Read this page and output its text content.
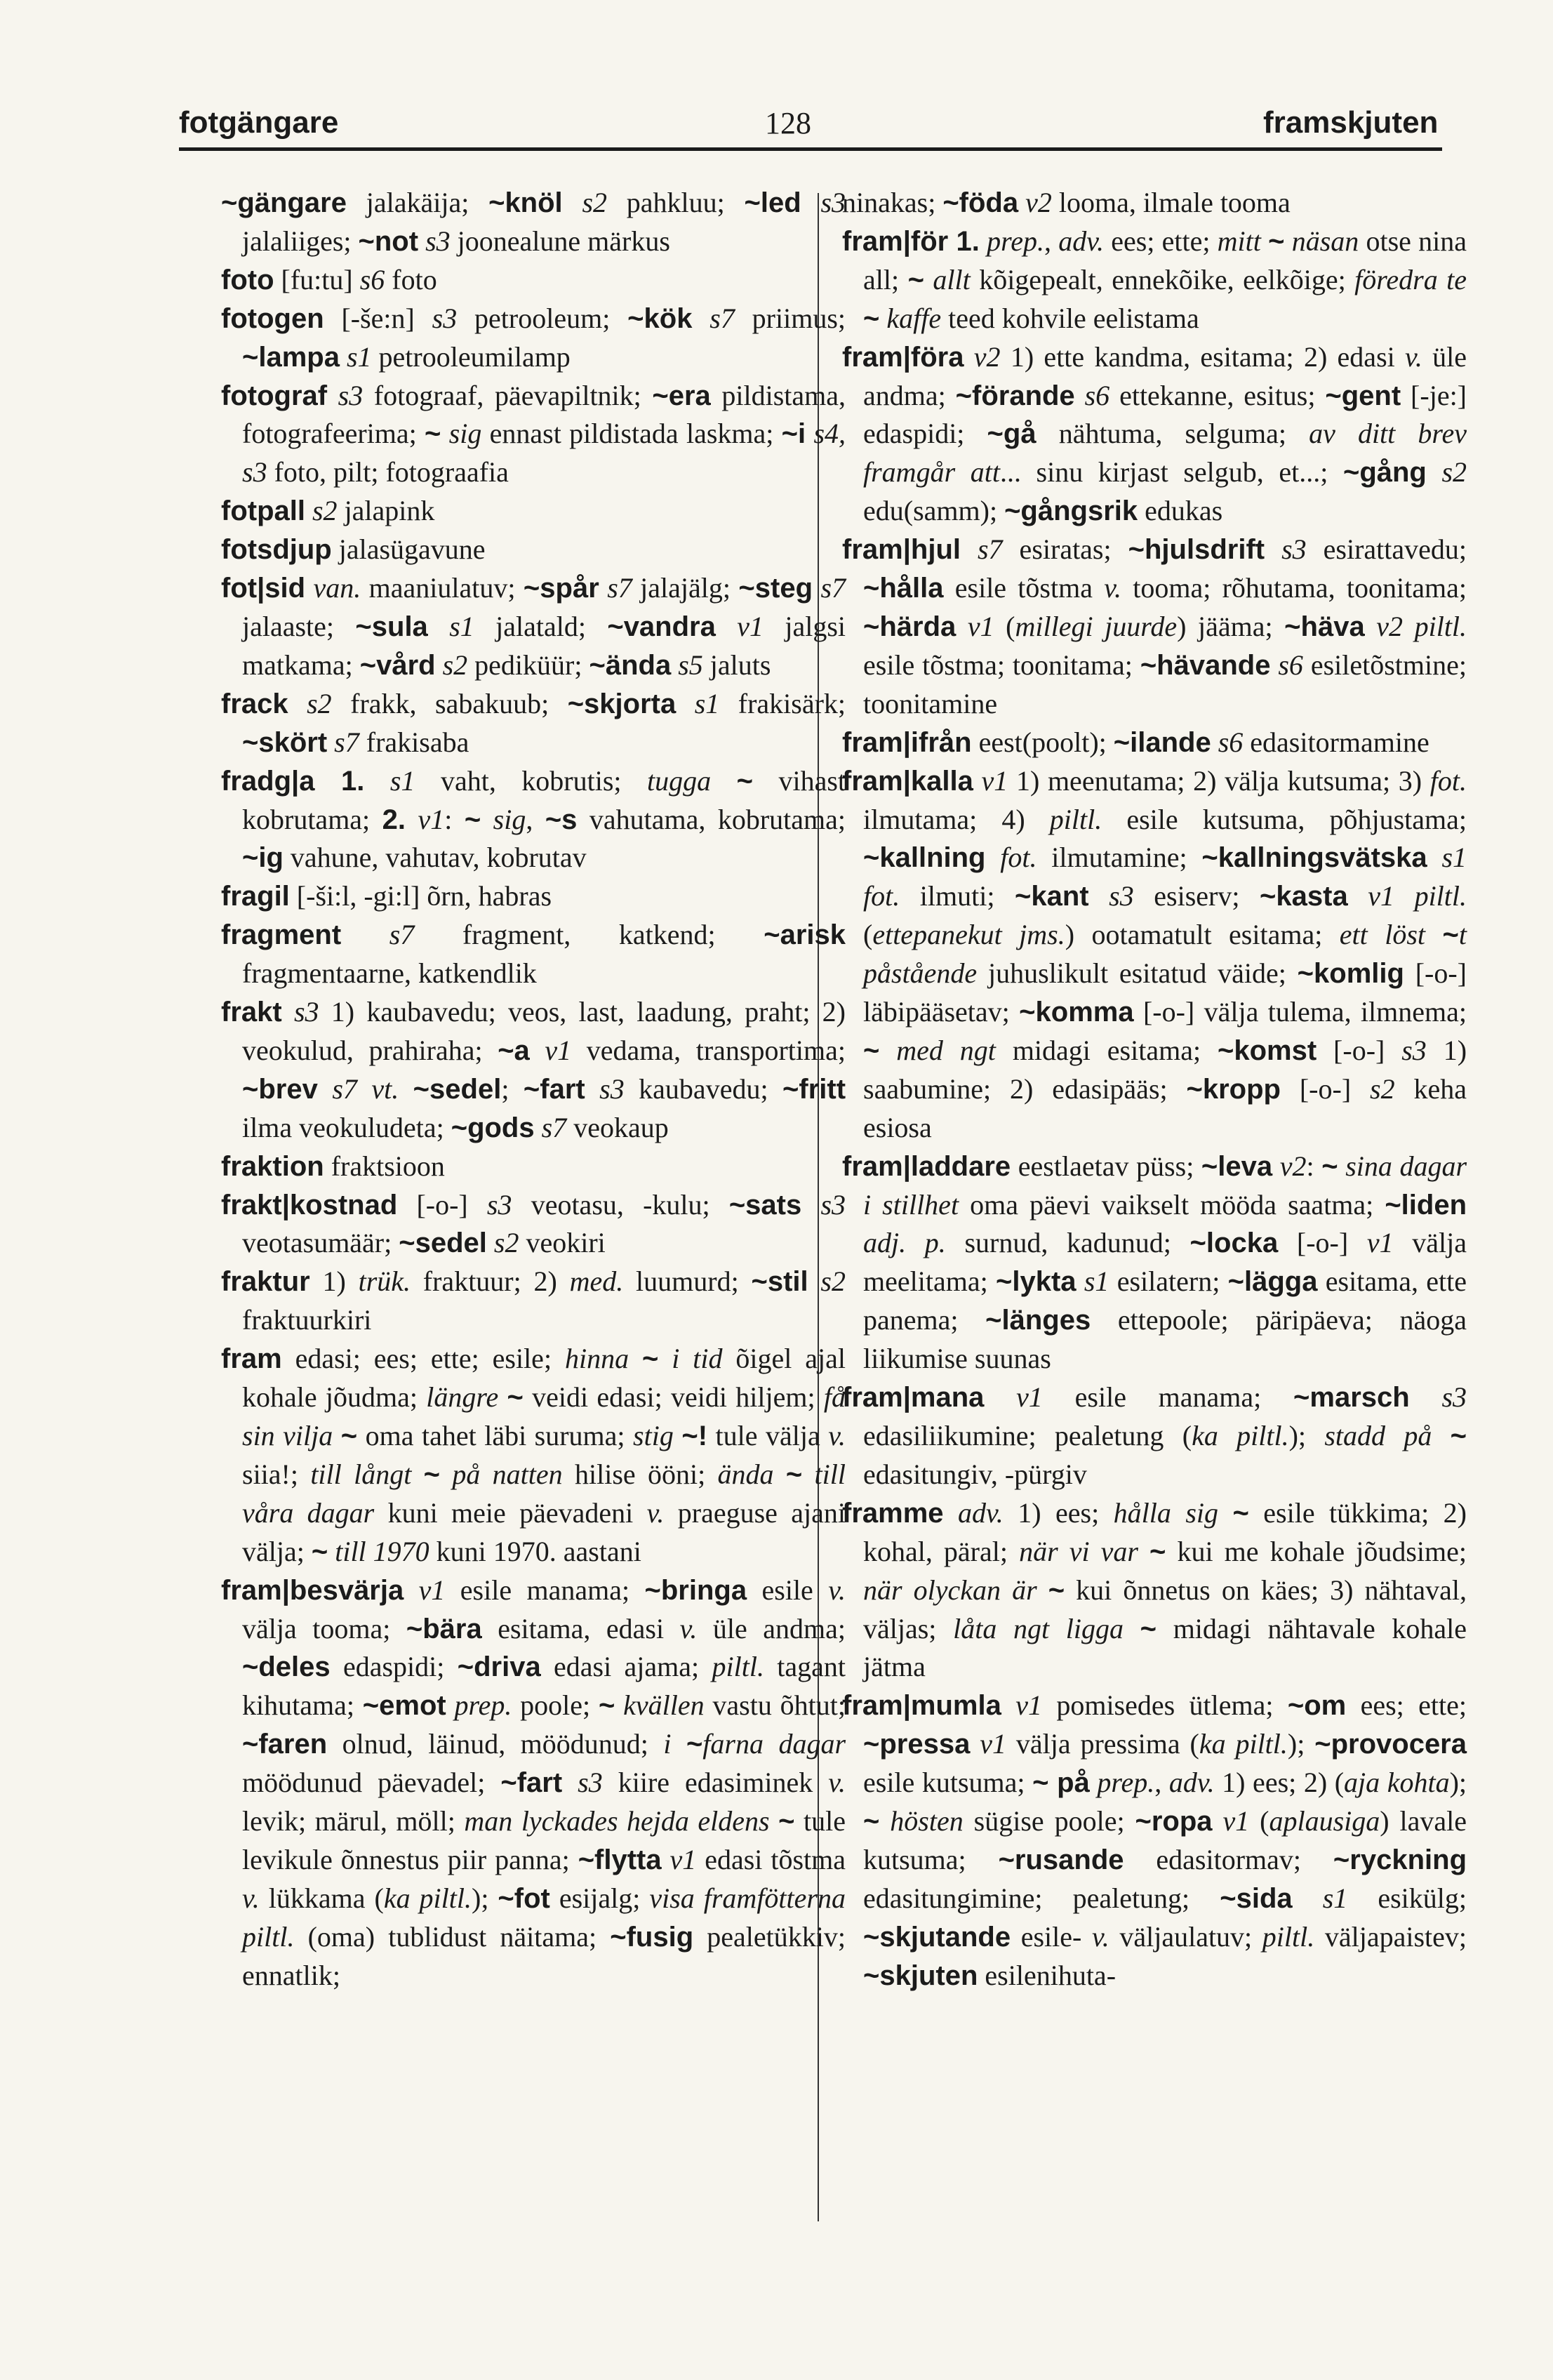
fotgängare	128	framskjuten
~gängare jalakäija; ~knöl s2 pahkluu; ~led s3 jalaliiges; ~not s3 joonealune märkus
foto [fu:tu] s6 foto
fotogen [-še:n] s3 petrooleum; ~kök s7 priimus; ~lampa s1 petrooleumilamp
fotograf s3 fotograaf, päevapiltnik; ~era pildistama, fotografeerima; ~ sig ennast pildistada laskma; ~i s4, s3 foto, pilt; fotograafia
fotpall s2 jalapink
fotsdjup jalasügavune
fot|sid van. maaniulatuv; ~spår s7 jalajälg; ~steg s7 jalaaste; ~sula s1 jalatald; ~vandra v1 jalgsi matkama; ~vård s2 pediküür; ~ända s5 jaluts
frack s2 frakk, sabakuub; ~skjorta s1 frakisärk; ~skört s7 frakisaba
fradg|a 1. s1 vaht, kobrutis; tugga ~ vihast kobrutama; 2. v1: ~ sig, ~s vahutama, kobrutama; ~ig vahune, vahutav, kobrutav
fragil [-ši:l, -gi:l] õrn, habras
fragment s7 fragment, katkend; ~arisk fragmentaarne, katkendlik
frakt s3 1) kaubavedu; veos, last, laadung, praht; 2) veokulud, prahiraha; ~a v1 vedama, transportima; ~brev s7 vt. ~sedel; ~fart s3 kaubavedu; ~fritt ilma veokuludeta; ~gods s7 veokaup
fraktion fraktsioon
frakt|kostnad [-o-] s3 veotasu, -kulu; ~sats s3 veotasumäär; ~sedel s2 veokiri
fraktur 1) trük. fraktuur; 2) med. luumurd; ~stil s2 fraktuurkiri
fram edasi; ees; ette; esile; hinna ~ i tid õigel ajal kohale jõudma; längre ~ veidi edasi; veidi hiljem; få sin vilja ~ oma tahet läbi suruma; stig ~! tule välja v. siia!; till långt ~ på natten hilise ööni; ända ~ till våra dagar kuni meie päevadeni v. praeguse ajani välja; ~ till 1970 kuni 1970. aastani
fram|besvärja v1 esile manama; ~bringa esile v. välja tooma; ~bära esitama, edasi v. üle andma; ~deles edaspidi; ~driva edasi ajama; piltl. tagant kihutama; ~emot prep. poole; ~ kvällen vastu õhtut; ~faren olnud, läinud, möödunud; i ~farna dagar möödunud päevadel; ~fart s3 kiire edasiminek v. levik; märul, möll; man lyckades hejda eldens ~ tule levikule õnnestus piir panna; ~flytta v1 edasi tõstma v. lükkama (ka piltl.); ~fot esijalg; visa framfötterna piltl. (oma) tublidust näitama; ~fusig pealetükkiv; ennatlik;
ninakas; ~föda v2 looma, ilmale tooma
fram|för 1. prep., adv. ees; ette; mitt ~ näsan otse nina all; ~ allt kõigepealt, ennekõike, eelkõige; föredra te ~ kaffe teed kohvile eelistama
fram|föra v2 1) ette kandma, esitama; 2) edasi v. üle andma; ~förande s6 ettekanne, esitus; ~gent [-je:] edaspidi; ~gå nähtuma, selguma; av ditt brev framgår att... sinu kirjast selgub, et...; ~gång s2 edu(samm); ~gångsrik edukas
fram|hjul s7 esiratas; ~hjulsdrift s3 esirattavedu; ~hålla esile tõstma v. tooma; rõhutama, toonitama; ~härda v1 (millegi juurde) jääma; ~häva v2 piltl. esile tõstma; toonitama; ~hävande s6 esiletõstmine; toonitamine
fram|ifrån eest(poolt); ~ilande s6 edasitormamine
fram|kalla v1 1) meenutama; 2) välja kutsuma; 3) fot. ilmutama; 4) piltl. esile kutsuma, põhjustama; ~kallning fot. ilmutamine; ~kallningsvätska s1 fot. ilmuti; ~kant s3 esiserv; ~kasta v1 piltl. (ettepanekut jms.) ootamatult esitama; ett löst ~t påstående juhuslikult esitatud väide; ~komlig [-o-] läbipääsetav; ~komma [-o-] välja tulema, ilmnema; ~ med ngt midagi esitama; ~komst [-o-] s3 1) saabumine; 2) edasipääs; ~kropp [-o-] s2 keha esiosa
fram|laddare eestlaetav püss; ~leva v2: ~ sina dagar i stillhet oma päevi vaikselt mööda saatma; ~liden adj. p. surnud, kadunud; ~locka [-o-] v1 välja meelitama; ~lykta s1 esilatern; ~lägga esitama, ette panema; ~länges ettepoole; päripäeva; näoga liikumise suunas
fram|mana v1 esile manama; ~marsch s3 edasiliikumine; pealetung (ka piltl.); stadd på ~ edasitungiv, -pürgiv
framme adv. 1) ees; hålla sig ~ esile tükkima; 2) kohal, päral; när vi var ~ kui me kohale jõudsime; när olyckan är ~ kui õnnetus on käes; 3) nähtaval, väljas; låta ngt ligga ~ midagi nähtavale kohale jätma
fram|mumla v1 pomisedes ütlema; ~om ees; ette; ~pressa v1 välja pressima (ka piltl.); ~provocera esile kutsuma; ~ på prep., adv. 1) ees; 2) (aja kohta); ~ hösten sügise poole; ~ropa v1 (aplausiga) lavale kutsuma; ~rusande edasitormav; ~ryckning edasitungimine; pealetung; ~sida s1 esikülg; ~skjutande esile- v. väljaulatuv; piltl. väljapaistev; ~skjuten esilenihuta-
